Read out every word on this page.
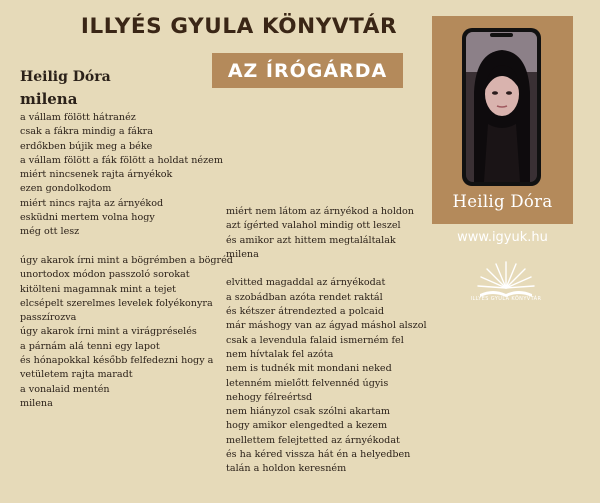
ILLYÉS GYULA KÖNYVTÁR
AZ ÍRÓGÁRDA
Heilig Dóra
milena
a vállam fölött hátranéz
csak a fákra mindig a fákra
erdőkben bújik meg a béke
a vállam fölött a fák fölött a holdat nézem
miért nincsenek rajta árnyékok
ezen gondolkodom
miért nincs rajta az árnyékod
esküdni mertem volna hogy
még ott lesz
úgy akarok írni mint a bögrémben a bögréd
unortodox módon passzoló sorokat
kitölteni magamnak mint a tejet
elcsépelt szerelmes levelek folyékonyra
passzírozva
úgy akarok írni mint a virágpréselés
a párnám alá tenni egy lapot
és hónapokkal később felfedezni hogy a
vetületem rajta maradt
a vonalaid mentén
milena
miért nem látom az árnyékod a holdon
azt ígérted valahol mindig ott leszel
és amikor azt hittem megtaláltalak
milena
elvitted magaddal az árnyékodat
a szobádban azóta rendet raktál
és kétszer átrendezted a polcaid
már máshogy van az ágyad máshol alszol
csak a levendula falaid ismerném fel
nem hívtalak fel azóta
nem is tudnék mit mondani neked
letenném mielőtt felvennéd úgyis
nehogy félreértsd
nem hiányzol csak szólni akartam
hogy amikor elengedted a kezem
mellettem felejtetted az árnyékodat
és ha kéred vissza hát én a helyedben
talán a holdon keresném
Heilig Dóra
www.igyuk.hu
ILLYÉS GYULA KÖNYVTÁR
